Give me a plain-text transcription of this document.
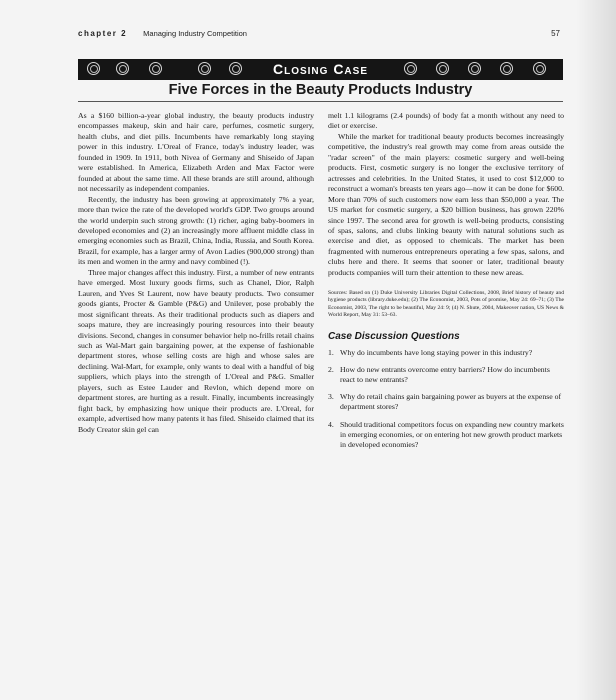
chapter 2 Managing Industry Competition	57
Closing Case
Five Forces in the Beauty Products Industry

As a $160 billion-a-year global industry, the beauty products industry encompasses makeup, skin and hair care, perfumes, cosmetic surgery, health clubs, and diet pills. Incumbents have remarkably long staying power in this industry. L'Oreal of France, today's industry leader, was founded in 1909. In 1911, both Nivea of Germany and Shiseido of Japan were established. In America, Elizabeth Arden and Max Factor were founded at about the same time. All these brands are still around, although not necessarily as independent companies.

Recently, the industry has been growing at approximately 7% a year, more than twice the rate of the developed world's GDP. Two groups around the world underpin such strong growth: (1) richer, aging baby-boomers in developed economies and (2) an increasingly more affluent middle class in emerging economies such as Brazil, China, India, Russia, and South Korea. Brazil, for example, has a larger army of Avon Ladies (900,000 strong) than its men and women in the army and navy combined (!).

Three major changes affect this industry. First, a number of new entrants have emerged. Most luxury goods firms, such as Chanel, Dior, Ralph Lauren, and Yves St Laurent, now have beauty products. Two consumer goods giants, Procter & Gamble (P&G) and Unilever, pose probably the most significant threats. As their traditional products such as diapers and soaps mature, they are increasingly pouring resources into their beauty divisions. Second, changes in consumer behavior help no-frills retail chains such as Wal-Mart gain bargaining power, at the expense of fashionable department stores, whose selling costs are high and whose sales are declining. Wal-Mart, for example, only wants to deal with a handful of big suppliers, which plays into the strength of L'Oreal and P&G. Smaller players, such as Estee Lauder and Revlon, which depend more on department stores, are hurting as a result. Finally, incumbents increasingly fight back, by emphasizing how unique their products are. L'Oreal, for example, advertised how many patents it has filed. Shiseido claimed that its Body Creator skin gel can

melt 1.1 kilograms (2.4 pounds) of body fat a month without any need to diet or exercise.

While the market for traditional beauty products becomes increasingly competitive, the industry's real growth may come from areas outside the "radar screen" of the main players: cosmetic surgery and well-being products. First, cosmetic surgery is no longer the exclusive territory of actresses and celebrities. In the United States, it used to cost $12,000 to reconstruct a woman's breasts ten years ago—now it can be done for $600. More than 70% of such customers now earn less than $50,000 a year. The US market for cosmetic surgery, a $20 billion business, has grown 220% since 1997. The second area for growth is well-being products, consisting of spas, salons, and clubs linking beauty with natural solutions such as exercise and diet, as opposed to chemicals. The market has been fragmented with numerous entrepreneurs operating a few spas, salons, and clubs here and there. It seems that sooner or later, traditional beauty products companies will turn their attention to these new areas.

Sources: Based on (1) Duke University Libraries Digital Collections, 2008, Brief history of beauty and hygiene products (library.duke.edu); (2) The Economist, 2003, Pots of promise, May 24: 69–71; (3) The Economist, 2003, The right to be beautiful, May 24: 9; (4) N. Shute, 2004, Makeover nation, US News & World Report, May 31: 53–63.
Case Discussion Questions
1. Why do incumbents have long staying power in this industry?
2. How do new entrants overcome entry barriers? How do incumbents react to new entrants?
3. Why do retail chains gain bargaining power as buyers at the expense of department stores?
4. Should traditional competitors focus on expanding new country markets in emerging economies, or on entering hot new growth product markets in developed economies?
